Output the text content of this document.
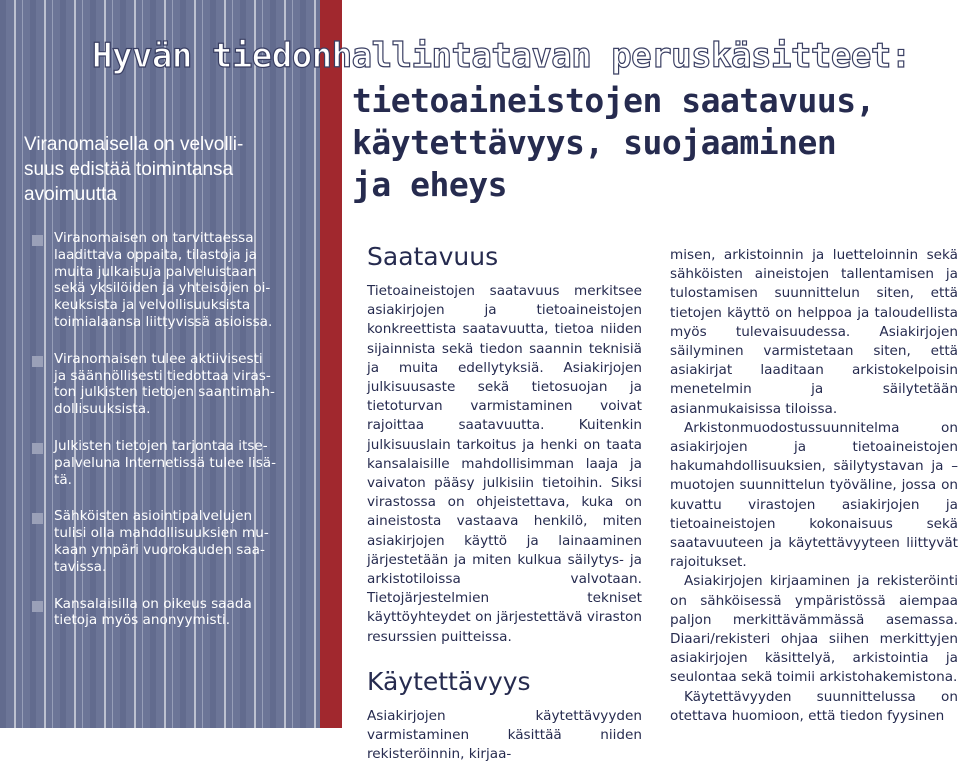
Hyvän tiedonhallintatavan peruskäsitteet:
tietoaineistojen saatavuus,
käytettävyys, suojaaminen
ja eheys

Viranomaisella on velvolli-
suus edistää toimintansa
avoimuutta

Viranomaisen on tarvittaessa
laadittava oppaita, tilastoja ja
muita julkaisuja palveluistaan
sekä yksilöiden ja yhteisöjen oi-
keuksista ja velvollisuuksista
toimialaansa liittyvissä asioissa.
Viranomaisen tulee aktiivisesti
ja säännöllisesti tiedottaa viras-
ton julkisten tietojen saantimah-
dollisuuksista.
Julkisten tietojen tarjontaa itse-
palveluna Internetissä tulee lisä-
tä.
Sähköisten asiointipalvelujen
tulisi olla mahdollisuuksien mu-
kaan ympäri vuorokauden saa-
tavissa.
Kansalaisilla on oikeus saada
tietoja myös anonyymisti.
Saatavuus

Tietoaineistojen saatavuus merkitsee asiakirjojen ja tietoaineistojen konkreettista saatavuutta, tietoa niiden sijainnista sekä tiedon saannin teknisiä ja muita edellytyksiä. Asiakirjojen julkisuusaste sekä tietosuojan ja tietoturvan varmistaminen voivat rajoittaa saatavuutta. Kuitenkin julkisuuslain tarkoitus ja henki on taata kansalaisille mahdollisimman laaja ja vaivaton pääsy julkisiin tietoihin. Siksi virastossa on ohjeistettava, kuka on aineistosta vastaava henkilö, miten asiakirjojen käyttö ja lainaaminen järjestetään ja miten kulkua säilytys- ja arkistotiloissa valvotaan. Tietojärjestelmien tekniset käyttöyhteydet on järjestettävä viraston resurssien puitteissa.

Käytettävyys

Asiakirjojen käytettävyyden varmistaminen käsittää niiden rekisteröinnin, kirjaa-

misen, arkistoinnin ja luetteloinnin sekä sähköisten aineistojen tallentamisen ja tulostamisen suunnittelun siten, että tietojen käyttö on helppoa ja taloudellista myös tulevaisuudessa. Asiakirjojen säilyminen varmistetaan siten, että asiakirjat laaditaan arkistokelpoisin menetelmin ja säilytetään asianmukaisissa tiloissa.

Arkistonmuodostussuunnitelma on asiakirjojen ja tietoaineistojen hakumahdollisuuksien, säilytystavan ja –muotojen suunnittelun työväline, jossa on kuvattu virastojen asiakirjojen ja tietoaineistojen kokonaisuus sekä saatavuuteen ja käytettävyyteen liittyvät rajoitukset.

Asiakirjojen kirjaaminen ja rekisteröinti on sähköisessä ympäristössä aiempaa paljon merkittävämmässä asemassa. Diaari/rekisteri ohjaa siihen merkittyjen asiakirjojen käsittelyä, arkistointia ja seulontaa sekä toimii arkistohakemistona.

Käytettävyyden suunnittelussa on otettava huomioon, että tiedon fyysinen
